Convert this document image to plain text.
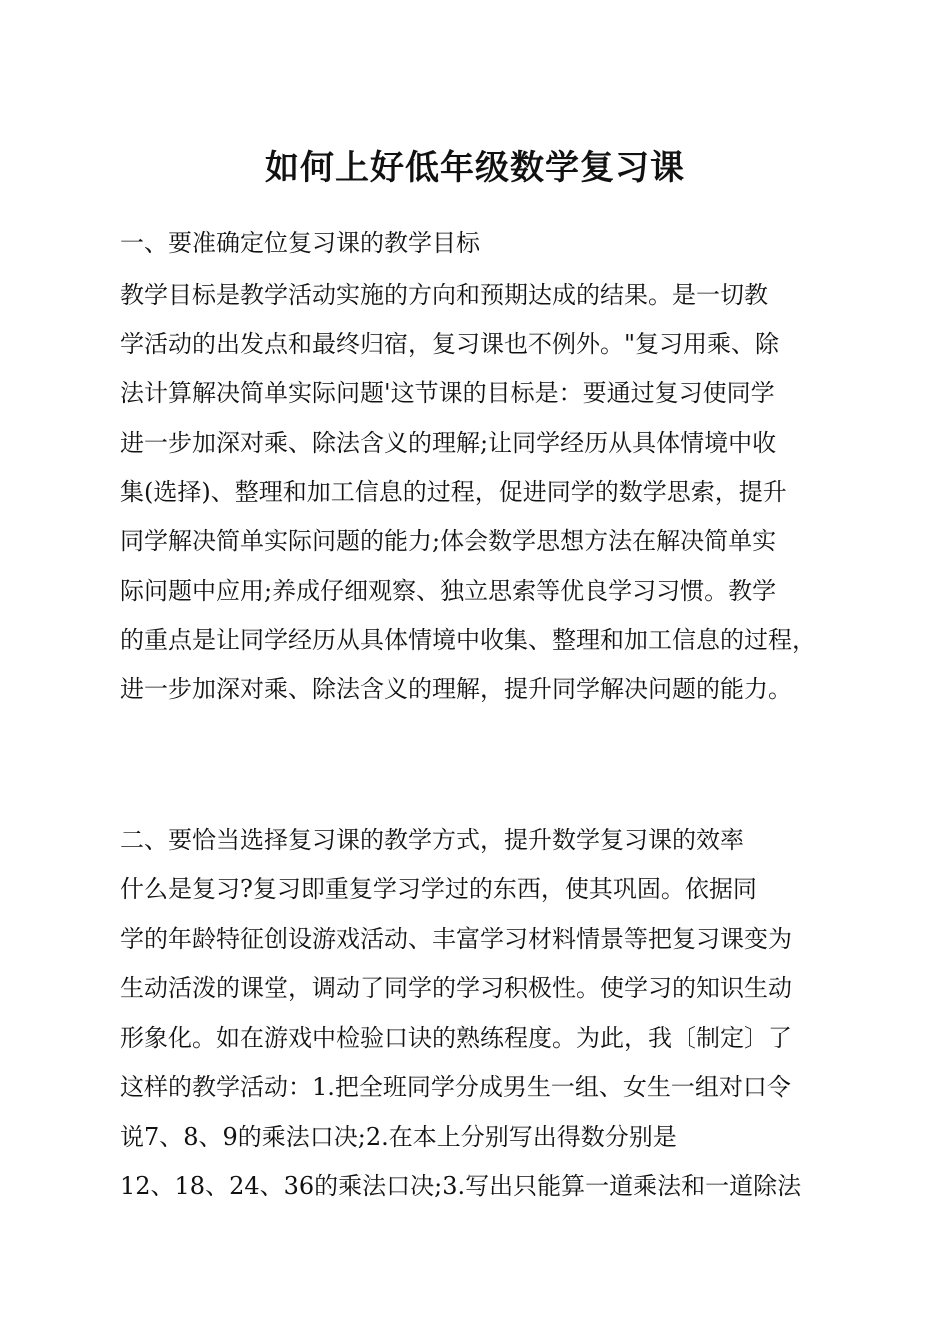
如何上好低年级数学复习课
一、要准确定位复习课的教学目标
教学目标是教学活动实施的方向和预期达成的结果。是一切教
学活动的出发点和最终归宿，复习课也不例外。"复习用乘、除
法计算解决简单实际问题'这节课的目标是：要通过复习使同学
进一步加深对乘、除法含义的理解;让同学经历从具体情境中收
集(选择)、整理和加工信息的过程，促进同学的数学思索，提升
同学解决简单实际问题的能力;体会数学思想方法在解决简单实
际问题中应用;养成仔细观察、独立思索等优良学习习惯。教学
的重点是让同学经历从具体情境中收集、整理和加工信息的过程，
进一步加深对乘、除法含义的理解，提升同学解决问题的能力。
二、要恰当选择复习课的教学方式，提升数学复习课的效率
什么是复习?复习即重复学习学过的东西，使其巩固。依据同
学的年龄特征创设游戏活动、丰富学习材料情景等把复习课变为
生动活泼的课堂，调动了同学的学习积极性。使学习的知识生动
形象化。如在游戏中检验口诀的熟练程度。为此，我〔制定〕了
这样的教学活动：1.把全班同学分成男生一组、女生一组对口令
说7、8、9的乘法口决;2.在本上分别写出得数分别是
12、18、24、36的乘法口决;3.写出只能算一道乘法和一道除法
